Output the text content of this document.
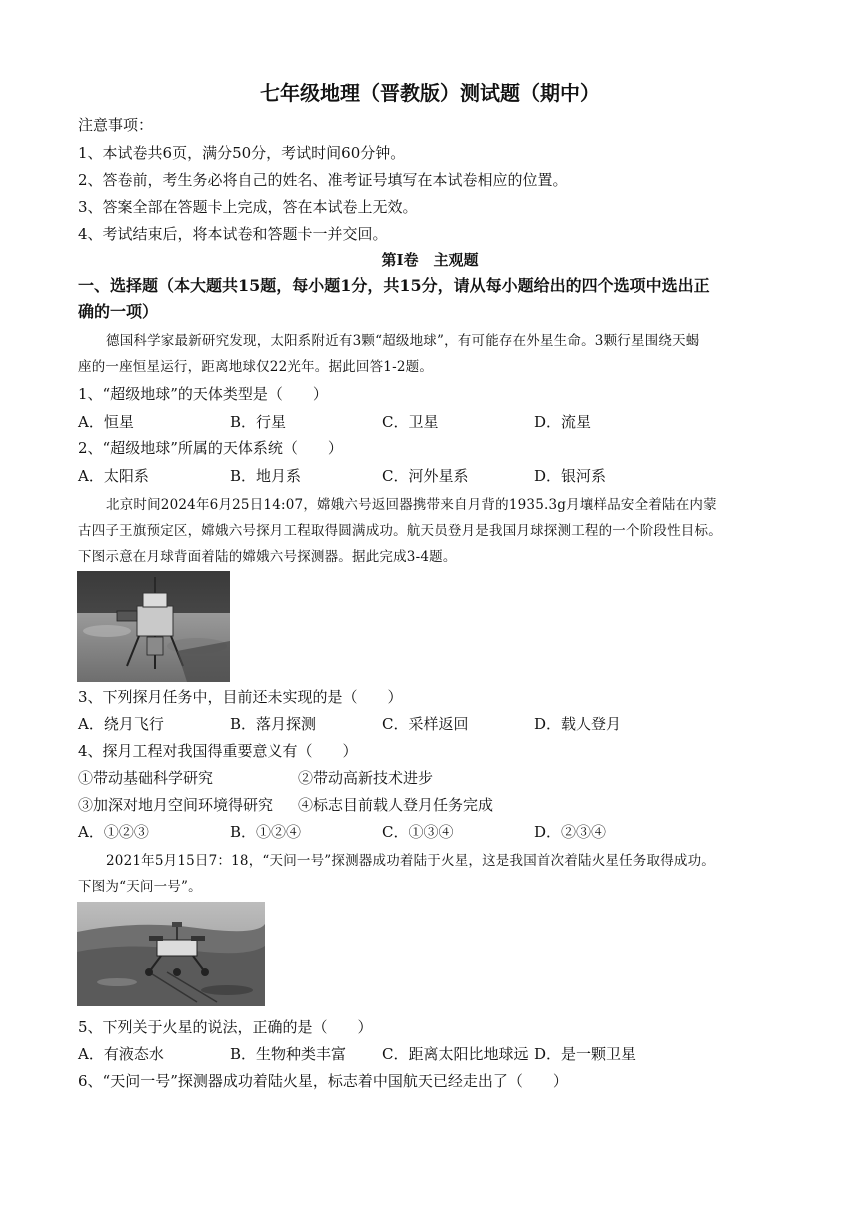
七年级地理（晋教版）测试题（期中）
注意事项：
1、本试卷共6页，满分50分，考试时间60分钟。
2、答卷前，考生务必将自己的姓名、准考证号填写在本试卷相应的位置。
3、答案全部在答题卡上完成，答在本试卷上无效。
4、考试结束后，将本试卷和答题卡一并交回。
第Ⅰ卷　主观题
一、选择题（本大题共15题，每小题1分，共15分，请从每小题给出的四个选项中选出正
确的一项）
德国科学家最新研究发现，太阳系附近有3颗“超级地球”，有可能存在外星生命。3颗行星围绕天蝎
座的一座恒星运行，距离地球仅22光年。据此回答1-2题。
1、“超级地球”的天体类型是（　　）
A．恒星	B．行星	C．卫星	D．流星
2、“超级地球”所属的天体系统（　　）
A．太阳系	B．地月系	C．河外星系	D．银河系
北京时间2024年6月25日14:07，嫦娥六号返回器携带来自月背的1935.3g月壤样品安全着陆在内蒙
古四子王旗预定区，嫦娥六号探月工程取得圆满成功。航天员登月是我国月球探测工程的一个阶段性目标。
下图示意在月球背面着陆的嫦娥六号探测器。据此完成3-4题。
3、下列探月任务中，目前还未实现的是（　　）
A．绕月飞行	B．落月探测	C．采样返回	D．载人登月
4、探月工程对我国得重要意义有（　　）
①带动基础科学研究	②带动高新技术进步
③加深对地月空间环境得研究 ④标志目前载人登月任务完成
A．①②③	B．①②④	C．①③④	D．②③④
2021年5月15日7：18，“天问一号”探测器成功着陆于火星，这是我国首次着陆火星任务取得成功。
下图为“天问一号”。
5、下列关于火星的说法，正确的是（　　）
A．有液态水	B．生物种类丰富 C．距离太阳比地球远 D．是一颗卫星
6、“天问一号”探测器成功着陆火星，标志着中国航天已经走出了（　　）
